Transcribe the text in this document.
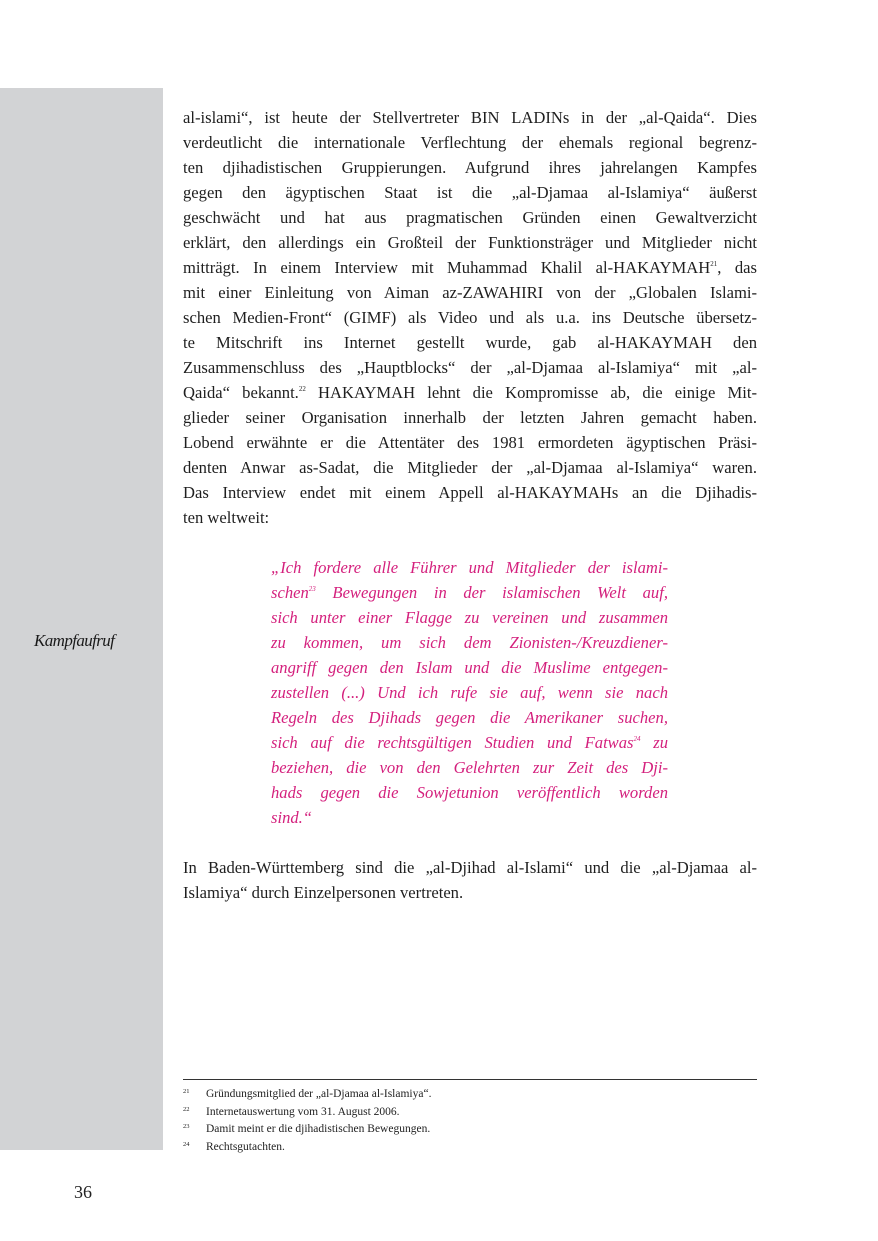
Kampfaufruf

al-islami“, ist heute der Stellvertreter BIN LADINs in der „al-Qaida“. Dies

verdeutlicht die internationale Verflechtung der ehemals regional begrenz-

ten djihadistischen Gruppierungen. Aufgrund ihres jahrelangen Kampfes

gegen den ägyptischen Staat ist die „al-Djamaa al-Islamiya“ äußerst

geschwächt und hat aus pragmatischen Gründen einen Gewaltverzicht

erklärt, den allerdings ein Großteil der Funktionsträger und Mitglieder nicht

mitträgt. In einem Interview mit Muhammad Khalil al-HAKAYMAH$^{21}$, das

mit einer Einleitung von Aiman az-ZAWAHIRI von der „Globalen Islami-

schen Medien-Front“ (GIMF) als Video und als u.a. ins Deutsche übersetz-

te Mitschrift ins Internet gestellt wurde, gab al-HAKAYMAH den

Zusammenschluss des „Hauptblocks“ der „al-Djamaa al-Islamiya“ mit „al-

Qaida“ bekannt.$^{22}$ HAKAYMAH lehnt die Kompromisse ab, die einige Mit-

glieder seiner Organisation innerhalb der letzten Jahren gemacht haben.

Lobend erwähnte er die Attentäter des 1981 ermordeten ägyptischen Präsi-

denten Anwar as-Sadat, die Mitglieder der „al-Djamaa al-Islamiya“ waren.

Das Interview endet mit einem Appell al-HAKAYMAHs an die Djihadis-

ten weltweit:

„Ich fordere alle Führer und Mitglieder der islami-

schen$^{23}$ Bewegungen in der islamischen Welt auf,

sich unter einer Flagge zu vereinen und zusammen

zu kommen, um sich dem Zionisten-/Kreuzdiener-

angriff gegen den Islam und die Muslime entgegen-

zustellen (...) Und ich rufe sie auf, wenn sie nach

Regeln des Djihads gegen die Amerikaner suchen,

sich auf die rechtsgültigen Studien und Fatwas$^{24}$ zu

beziehen, die von den Gelehrten zur Zeit des Dji-

hads gegen die Sowjetunion veröffentlich worden

sind.“

In Baden-Württemberg sind die „al-Djihad al-Islami“ und die „al-Djamaa al-

Islamiya“ durch Einzelpersonen vertreten.

21	Gründungsmitglied der „al-Djamaa al-Islamiya“.
22	Internetauswertung vom 31. August 2006.
23	Damit meint er die djihadistischen Bewegungen.
24	Rechtsgutachten.
36
